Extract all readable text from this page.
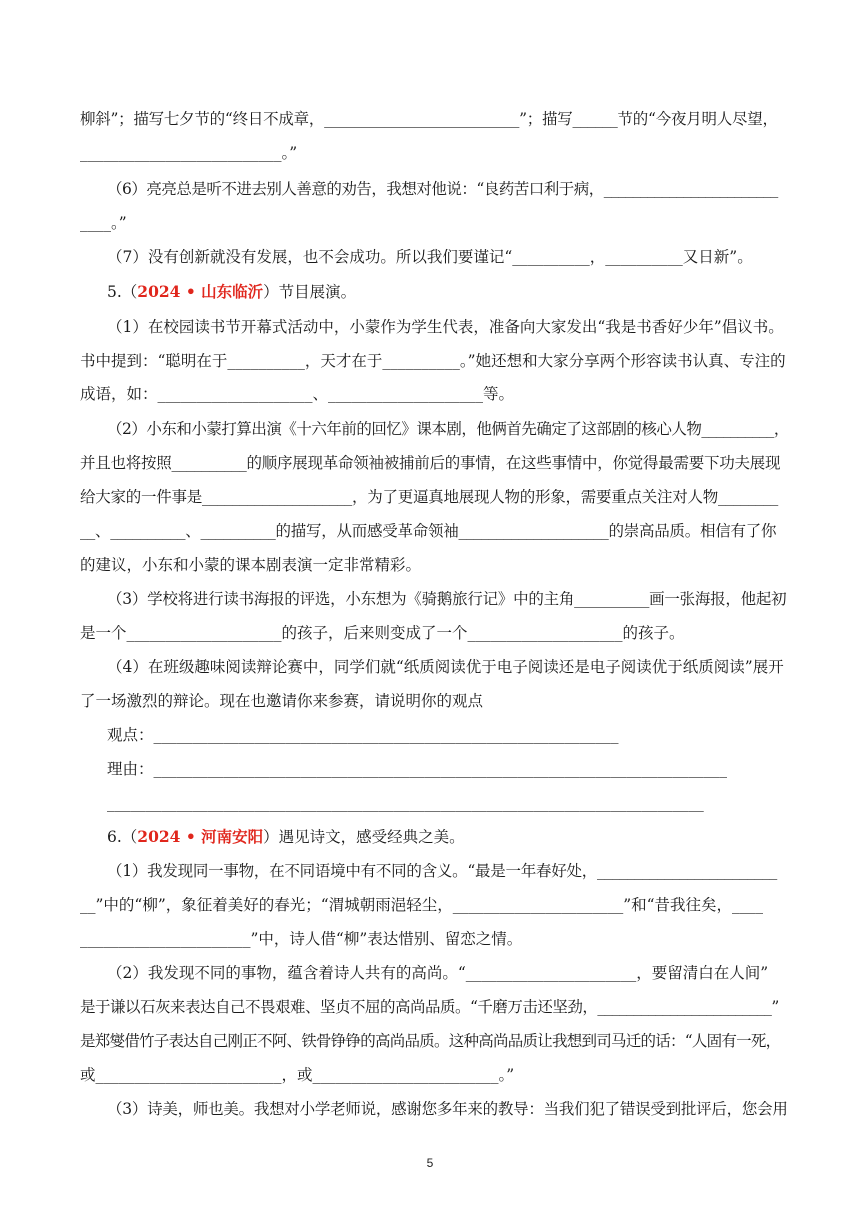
柳斜”；描写七夕节的“终日不成章，__________________________”；描写______节的“今夜月明人尽望，
__________________________。”
（6）亮亮总是听不进去别人善意的劝告，我想对他说：“良药苦口利于病，________________________
____。”
（7）没有创新就没有发展，也不会成功。所以我们要谨记“__________，__________又日新”。
5.（2024 • 山东临沂）节目展演。
（1）在校园读书节开幕式活动中，小蒙作为学生代表，准备向大家发出“我是书香好少年”倡议书。
书中提到：“聪明在于__________，天才在于__________。”她还想和大家分享两个形容读书认真、专注的
成语，如：____________________、____________________等。
（2）小东和小蒙打算出演《十六年前的回忆》课本剧，他俩首先确定了这部剧的核心人物__________，
并且也将按照__________的顺序展现革命领袖被捕前后的事情，在这些事情中，你觉得最需要下功夫展现
给大家的一件事是____________________，为了更逼真地展现人物的形象，需要重点关注对人物________
__、__________、__________的描写，从而感受革命领袖____________________的崇高品质。相信有了你
的建议，小东和小蒙的课本剧表演一定非常精彩。
（3）学校将进行读书海报的评选，小东想为《骑鹅旅行记》中的主角__________画一张海报，他起初
是一个____________________的孩子，后来则变成了一个____________________的孩子。
（4）在班级趣味阅读辩论赛中，同学们就“纸质阅读优于电子阅读还是电子阅读优于纸质阅读”展开
了一场激烈的辩论。现在也邀请你来参赛，请说明你的观点
观点：____________________________________________________________
理由：__________________________________________________________________________
_____________________________________________________________________________
6.（2024 • 河南安阳）遇见诗文，感受经典之美。
（1）我发现同一事物，在不同语境中有不同的含义。“最是一年春好处，________________________
__”中的“柳”，象征着美好的春光；“渭城朝雨浥轻尘，______________________”和“昔我往矣，____
______________________”中，诗人借“柳”表达惜别、留恋之情。
（2）我发现不同的事物，蕴含着诗人共有的高尚。“______________________，要留清白在人间”
是于谦以石灰来表达自己不畏艰难、坚贞不屈的高尚品质。“千磨万击还坚劲，________________________”
是郑燮借竹子表达自己刚正不阿、铁骨铮铮的高尚品质。这种高尚品质让我想到司马迁的话：“人固有一死，
或________________________，或________________________。”
（3）诗美，师也美。我想对小学老师说，感谢您多年来的教导：当我们犯了错误受到批评后，您会用
5
